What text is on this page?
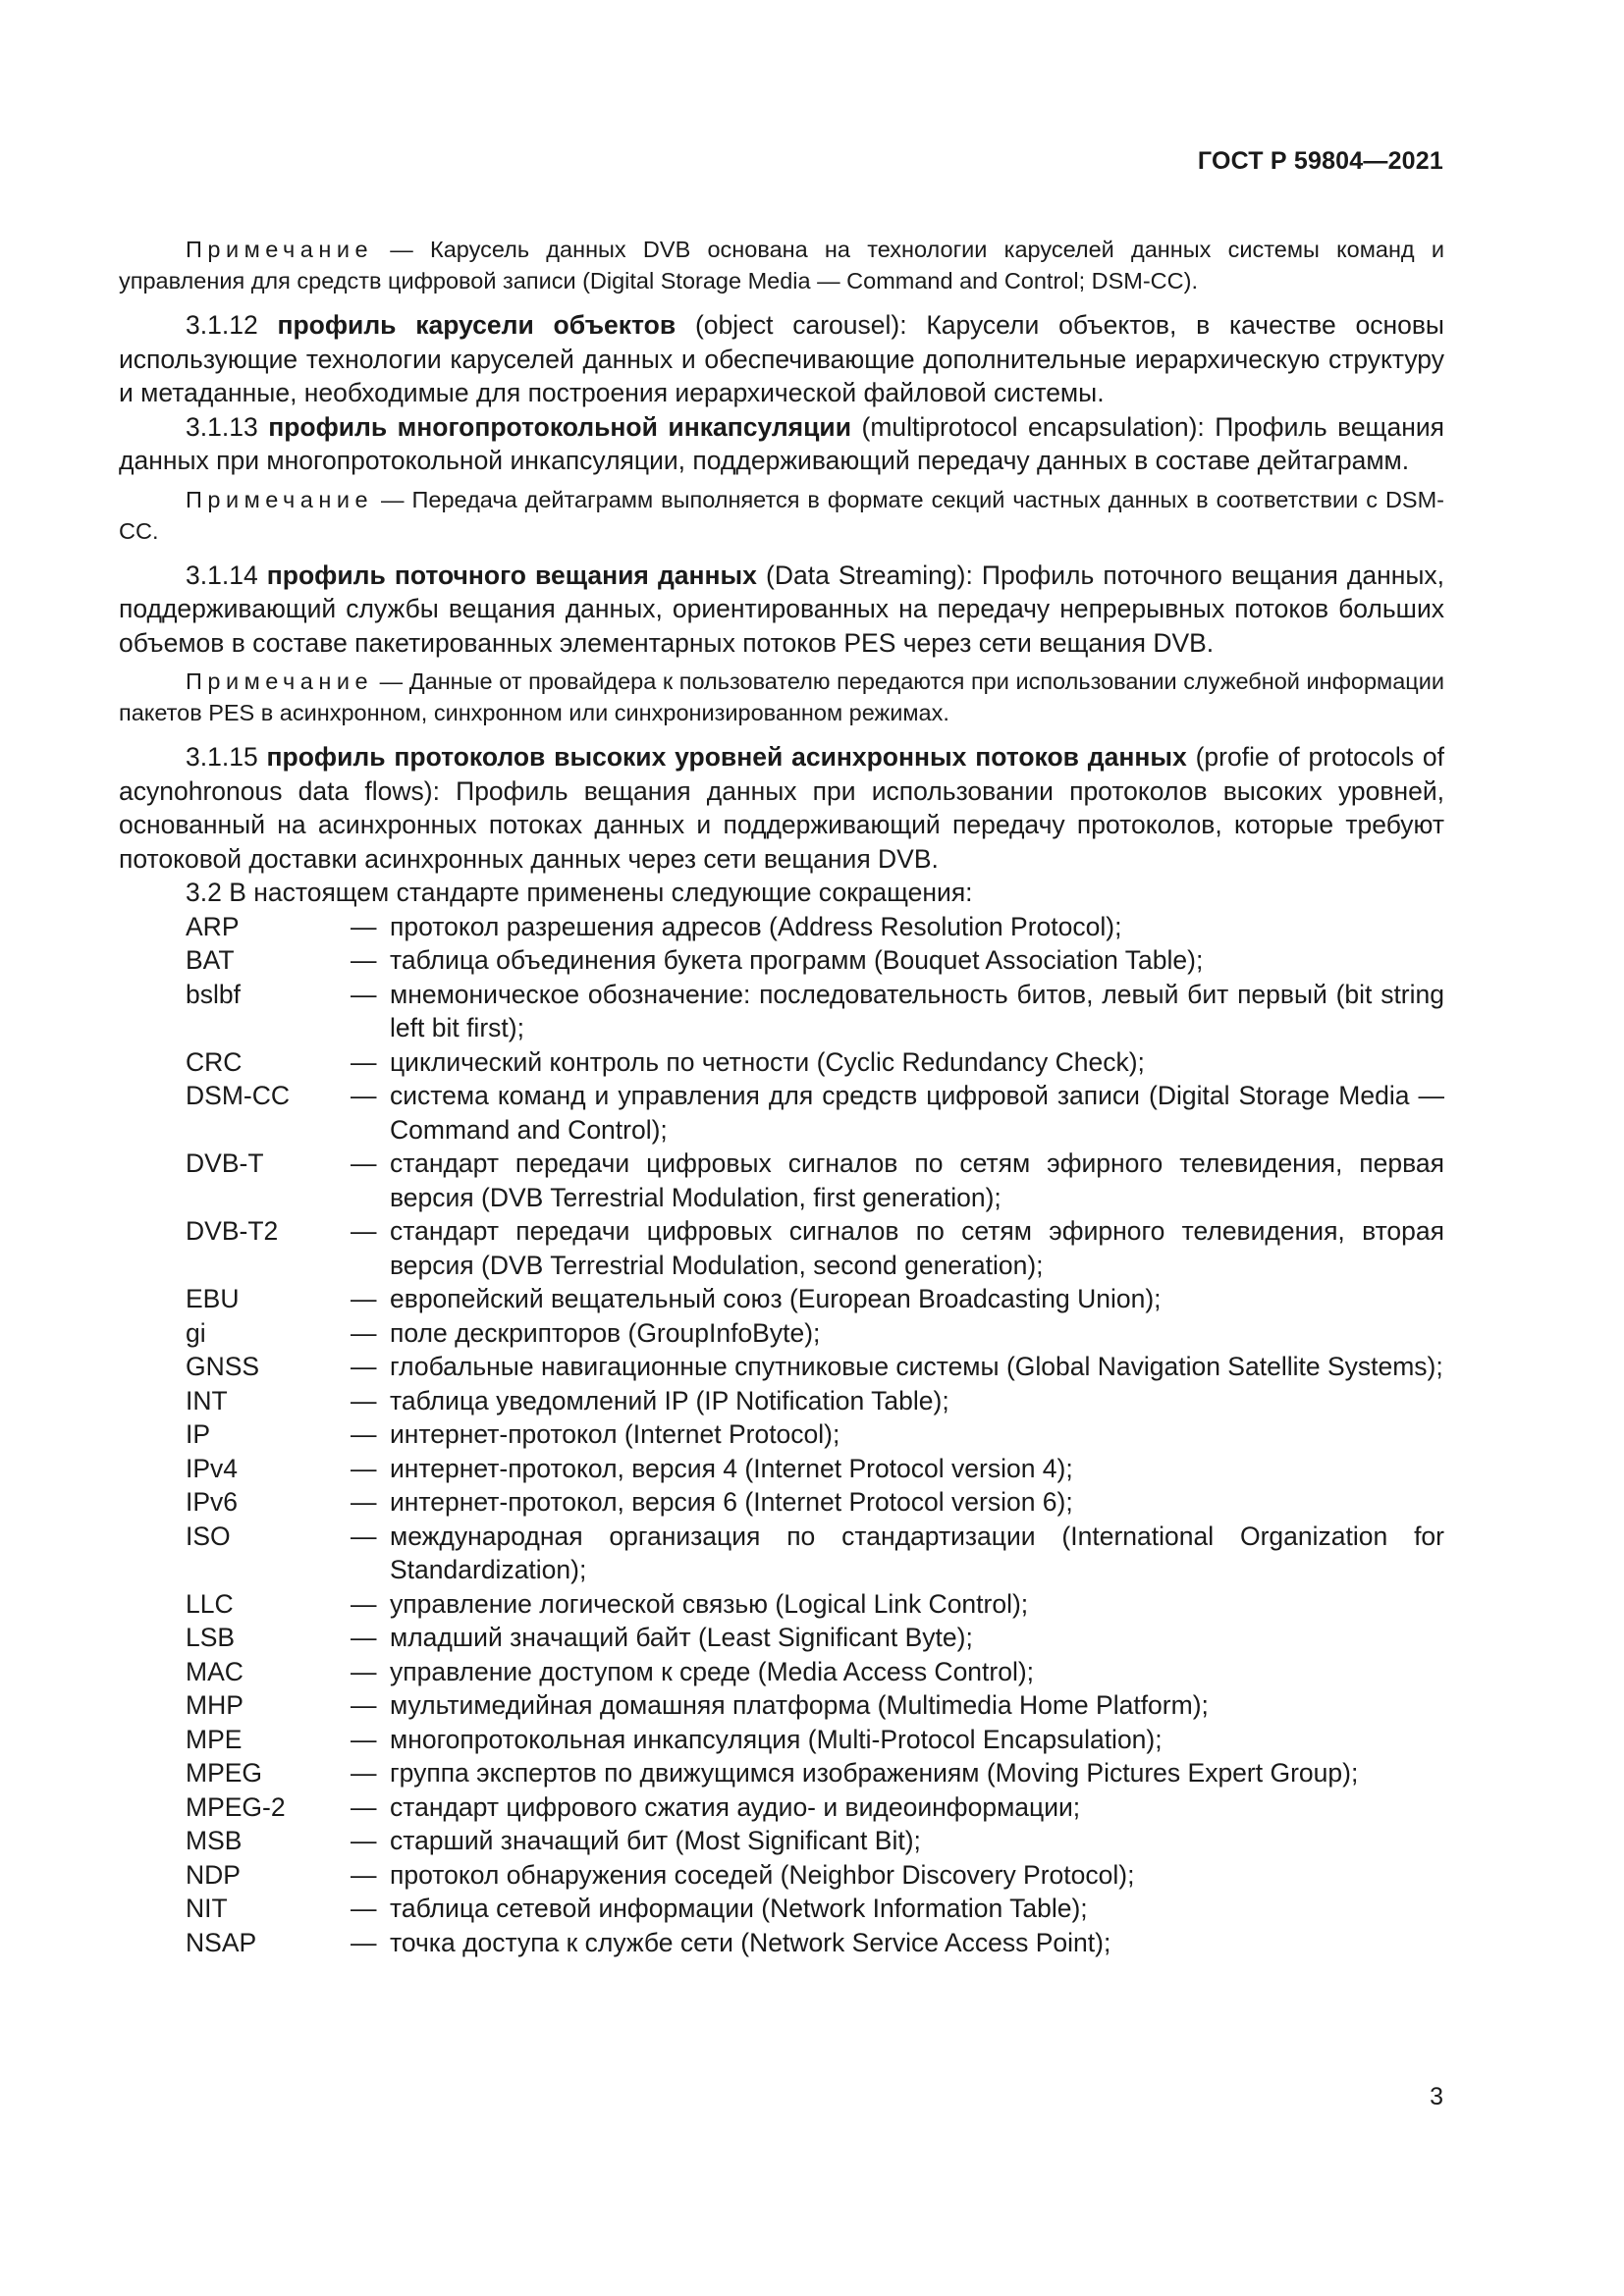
ГОСТ Р 59804—2021

Примечание — Карусель данных DVB основана на технологии каруселей данных системы команд и управления для средств цифровой записи (Digital Storage Media — Command and Control; DSM-CC).

3.1.12 профиль карусели объектов (object carousel): Карусели объектов, в качестве основы использующие технологии каруселей данных и обеспечивающие дополнительные иерархическую структуру и метаданные, необходимые для построения иерархической файловой системы.

3.1.13 профиль многопротокольной инкапсуляции (multiprotocol encapsulation): Профиль вещания данных при многопротокольной инкапсуляции, поддерживающий передачу данных в составе дейтаграмм.

Примечание — Передача дейтаграмм выполняется в формате секций частных данных в соответствии с DSM-CC.

3.1.14 профиль поточного вещания данных (Data Streaming): Профиль поточного вещания данных, поддерживающий службы вещания данных, ориентированных на передачу непрерывных потоков больших объемов в составе пакетированных элементарных потоков PES через сети вещания DVB.

Примечание — Данные от провайдера к пользователю передаются при использовании служебной информации пакетов PES в асинхронном, синхронном или синхронизированном режимах.

3.1.15 профиль протоколов высоких уровней асинхронных потоков данных (profie of protocols of acynohronous data flows): Профиль вещания данных при использовании протоколов высоких уровней, основанный на асинхронных потоках данных и поддерживающий передачу протоколов, которые требуют потоковой доставки асинхронных данных через сети вещания DVB.

3.2 В настоящем стандарте применены следующие сокращения:

ARP	— протокол разрешения адресов (Address Resolution Protocol);
BAT	— таблица объединения букета программ (Bouquet Association Table);
bslbf	— мнемоническое обозначение: последовательность битов, левый бит первый (bit string left bit first);
CRC	— циклический контроль по четности (Cyclic Redundancy Check);
DSM-CC	— система команд и управления для средств цифровой записи (Digital Storage Media — Command and Control);
DVB-T	— стандарт передачи цифровых сигналов по сетям эфирного телевидения, первая версия (DVB Terrestrial Modulation, first generation);
DVB-T2	— стандарт передачи цифровых сигналов по сетям эфирного телевидения, вторая версия (DVB Terrestrial Modulation, second generation);
EBU	— европейский вещательный союз (European Broadcasting Union);
gi	— поле дескрипторов (GroupInfoByte);
GNSS	— глобальные навигационные спутниковые системы (Global Navigation Satellite Systems);
INT	— таблица уведомлений IP (IP Notification Table);
IP	— интернет-протокол (Internet Protocol);
IPv4	— интернет-протокол, версия 4 (Internet Protocol version 4);
IPv6	— интернет-протокол, версия 6 (Internet Protocol version 6);
ISO	— международная организация по стандартизации (International Organization for Standardization);
LLC	— управление логической связью (Logical Link Control);
LSB	— младший значащий байт (Least Significant Byte);
MAC	— управление доступом к среде (Media Access Control);
MHP	— мультимедийная домашняя платформа (Multimedia Home Platform);
MPE	— многопротокольная инкапсуляция (Multi-Protocol Encapsulation);
MPEG	— группа экспертов по движущимся изображениям (Moving Pictures Expert Group);
MPEG-2	— стандарт цифрового сжатия аудио- и видеоинформации;
MSB	— старший значащий бит (Most Significant Bit);
NDP	— протокол обнаружения соседей (Neighbor Discovery Protocol);
NIT	— таблица сетевой информации (Network Information Table);
NSAP	— точка доступа к службе сети (Network Service Access Point);
3
